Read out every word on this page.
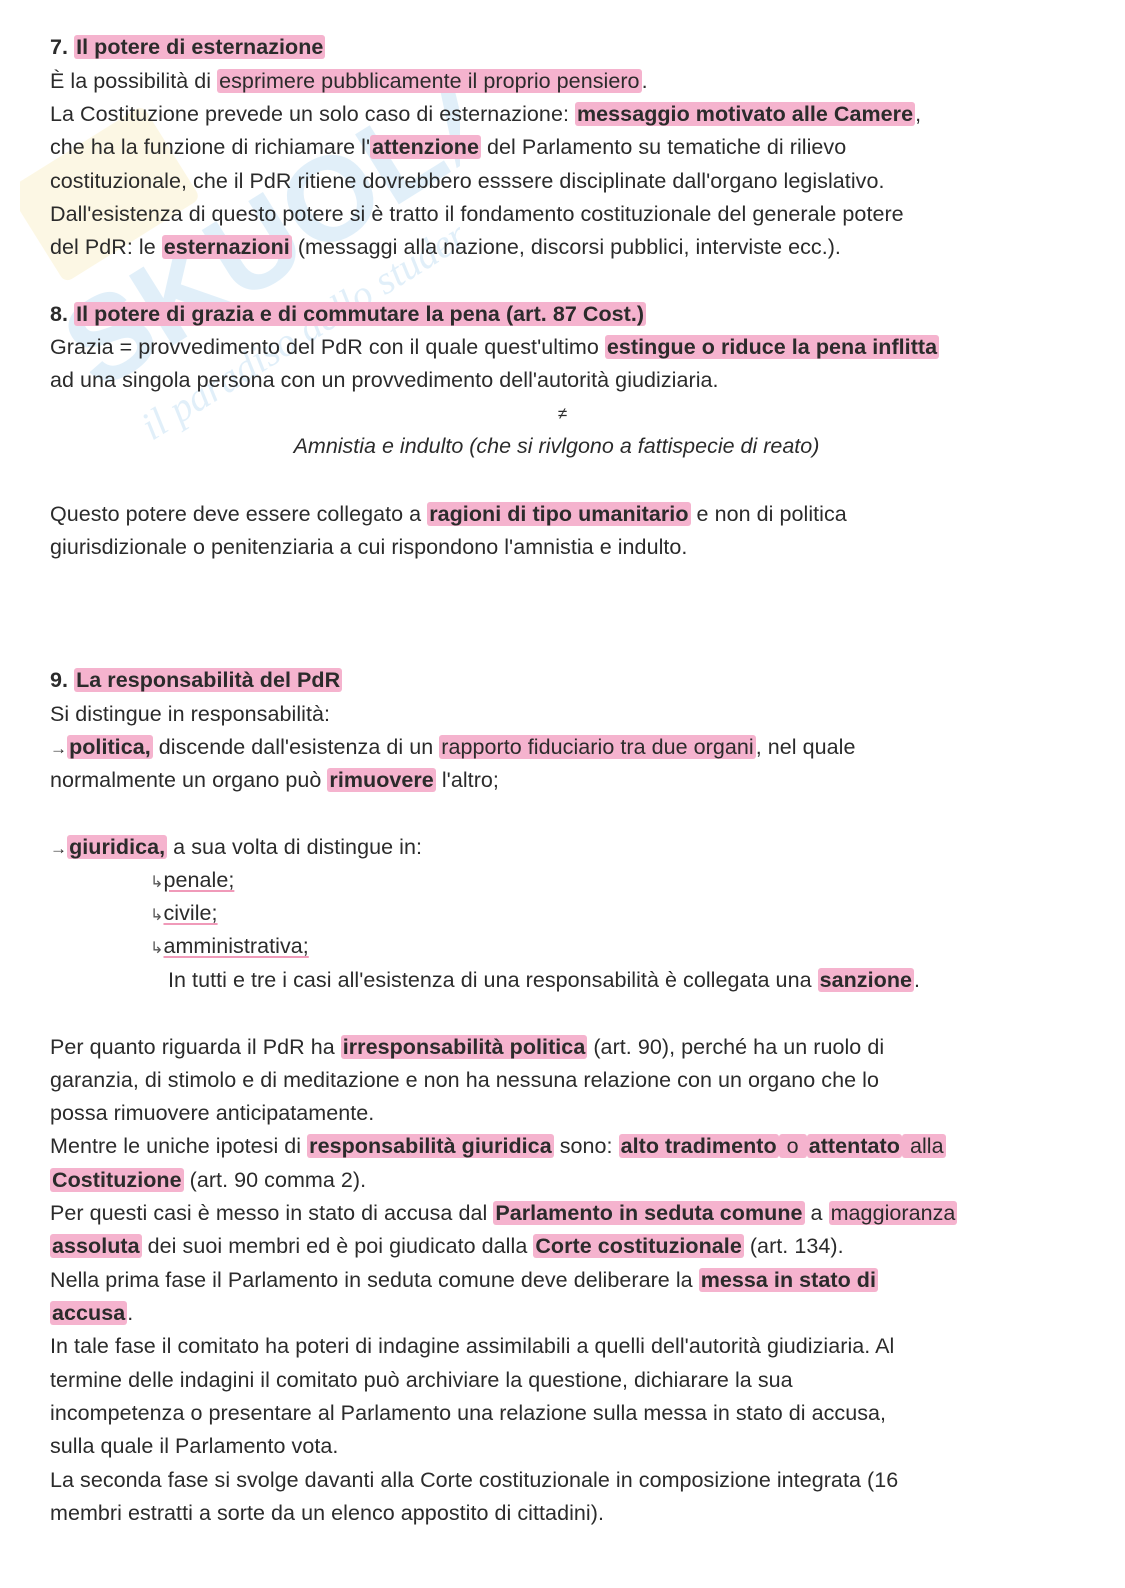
SKUOLA
il paradiso studente
7. Il potere di esternazione
È la possibilità di esprimere pubblicamente il proprio pensiero.
La Costituzione prevede un solo caso di esternazione: messaggio motivato alle Camere,
che ha la funzione di richiamare l'attenzione del Parlamento su tematiche di rilievo
costituzionale, che il PdR ritiene dovrebbero esssere disciplinate dall'organo legislativo.
Dall'esistenza di questo potere si è tratto il fondamento costituzionale del generale potere
del PdR: le esternazioni (messaggi alla nazione, discorsi pubblici, interviste ecc.).
8. Il potere di grazia e di commutare la pena (art. 87 Cost.)
Grazia = provvedimento del PdR con il quale quest'ultimo estingue o riduce la pena inflitta
ad una singola persona con un provvedimento dell'autorità giudiziaria.
≠
Amnistia e indulto (che si rivlgono a fattispecie di reato)
Questo potere deve essere collegato a ragioni di tipo umanitario e non di politica
giurisdizionale o penitenziaria a cui rispondono l'amnistia e indulto.
9. La responsabilità del PdR
Si distingue in responsabilità:
→politica, discende dall'esistenza di un rapporto fiduciario tra due organi, nel quale
normalmente un organo può rimuovere l'altro;
→giuridica, a sua volta di distingue in:
↳penale;
↳civile;
↳amministrativa;
In tutti e tre i casi all'esistenza di una responsabilità è collegata una sanzione.
Per quanto riguarda il PdR ha irresponsabilità politica (art. 90), perché ha un ruolo di
garanzia, di stimolo e di meditazione e non ha nessuna relazione con un organo che lo
possa rimuovere anticipatamente.
Mentre le uniche ipotesi di responsabilità giuridica sono: alto tradimento o attentato alla
Costituzione (art. 90 comma 2).
Per questi casi è messo in stato di accusa dal Parlamento in seduta comune a maggioranza
assoluta dei suoi membri ed è poi giudicato dalla Corte costituzionale (art. 134).
Nella prima fase il Parlamento in seduta comune deve deliberare la messa in stato di
accusa.
In tale fase il comitato ha poteri di indagine assimilabili a quelli dell'autorità giudiziaria. Al
termine delle indagini il comitato può archiviare la questione, dichiarare la sua
incompetenza o presentare al Parlamento una relazione sulla messa in stato di accusa,
sulla quale il Parlamento vota.
La seconda fase si svolge davanti alla Corte costituzionale in composizione integrata (16
membri estratti a sorte da un elenco appostito di cittadini).
